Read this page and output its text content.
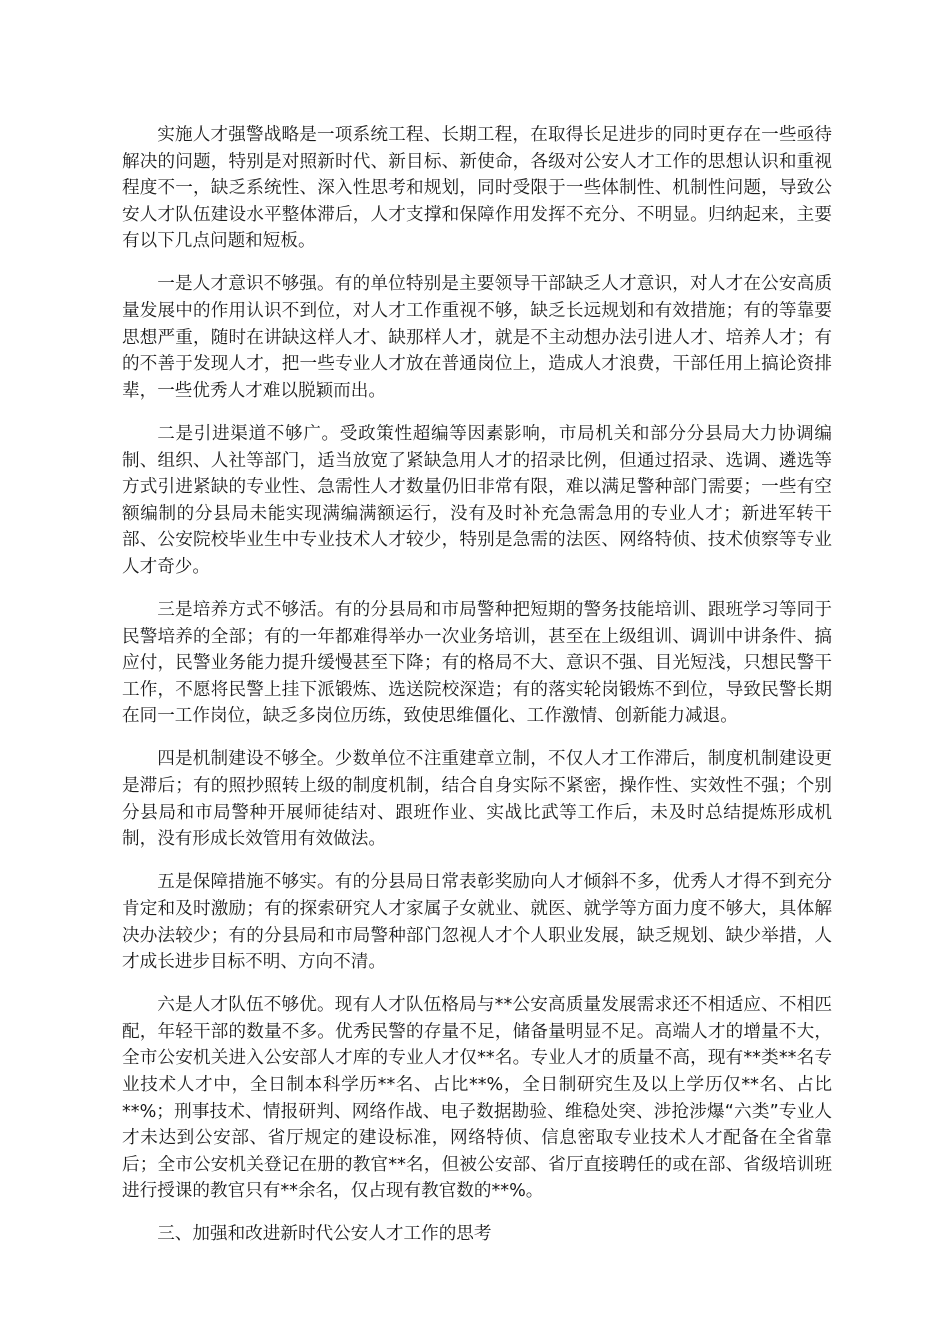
实施人才强警战略是一项系统工程、长期工程，在取得长足进步的同时更存在一些亟待解决的问题，特别是对照新时代、新目标、新使命，各级对公安人才工作的思想认识和重视程度不一，缺乏系统性、深入性思考和规划，同时受限于一些体制性、机制性问题，导致公安人才队伍建设水平整体滞后，人才支撑和保障作用发挥不充分、不明显。归纳起来，主要有以下几点问题和短板。

一是人才意识不够强。有的单位特别是主要领导干部缺乏人才意识，对人才在公安高质量发展中的作用认识不到位，对人才工作重视不够，缺乏长远规划和有效措施；有的等靠要思想严重，随时在讲缺这样人才、缺那样人才，就是不主动想办法引进人才、培养人才；有的不善于发现人才，把一些专业人才放在普通岗位上，造成人才浪费，干部任用上搞论资排辈，一些优秀人才难以脱颖而出。

二是引进渠道不够广。受政策性超编等因素影响，市局机关和部分分县局大力协调编制、组织、人社等部门，适当放宽了紧缺急用人才的招录比例，但通过招录、选调、遴选等方式引进紧缺的专业性、急需性人才数量仍旧非常有限，难以满足警种部门需要；一些有空额编制的分县局未能实现满编满额运行，没有及时补充急需急用的专业人才；新进军转干部、公安院校毕业生中专业技术人才较少，特别是急需的法医、网络特侦、技术侦察等专业人才奇少。

三是培养方式不够活。有的分县局和市局警种把短期的警务技能培训、跟班学习等同于民警培养的全部；有的一年都难得举办一次业务培训，甚至在上级组训、调训中讲条件、搞应付，民警业务能力提升缓慢甚至下降；有的格局不大、意识不强、目光短浅，只想民警干工作，不愿将民警上挂下派锻炼、选送院校深造；有的落实轮岗锻炼不到位，导致民警长期在同一工作岗位，缺乏多岗位历练，致使思维僵化、工作激情、创新能力减退。

四是机制建设不够全。少数单位不注重建章立制，不仅人才工作滞后，制度机制建设更是滞后；有的照抄照转上级的制度机制，结合自身实际不紧密，操作性、实效性不强；个别分县局和市局警种开展师徒结对、跟班作业、实战比武等工作后，未及时总结提炼形成机制，没有形成长效管用有效做法。

五是保障措施不够实。有的分县局日常表彰奖励向人才倾斜不多，优秀人才得不到充分肯定和及时激励；有的探索研究人才家属子女就业、就医、就学等方面力度不够大，具体解决办法较少；有的分县局和市局警种部门忽视人才个人职业发展，缺乏规划、缺少举措，人才成长进步目标不明、方向不清。

六是人才队伍不够优。现有人才队伍格局与**公安高质量发展需求还不相适应、不相匹配，年轻干部的数量不多。优秀民警的存量不足，储备量明显不足。高端人才的增量不大，全市公安机关进入公安部人才库的专业人才仅**名。专业人才的质量不高，现有**类**名专业技术人才中，全日制本科学历**名、占比**%，全日制研究生及以上学历仅**名、占比**%；刑事技术、情报研判、网络作战、电子数据勘验、维稳处突、涉抢涉爆“六类”专业人才未达到公安部、省厅规定的建设标准，网络特侦、信息密取专业技术人才配备在全省靠后；全市公安机关登记在册的教官**名，但被公安部、省厅直接聘任的或在部、省级培训班进行授课的教官只有**余名，仅占现有教官数的**%。

三、加强和改进新时代公安人才工作的思考
